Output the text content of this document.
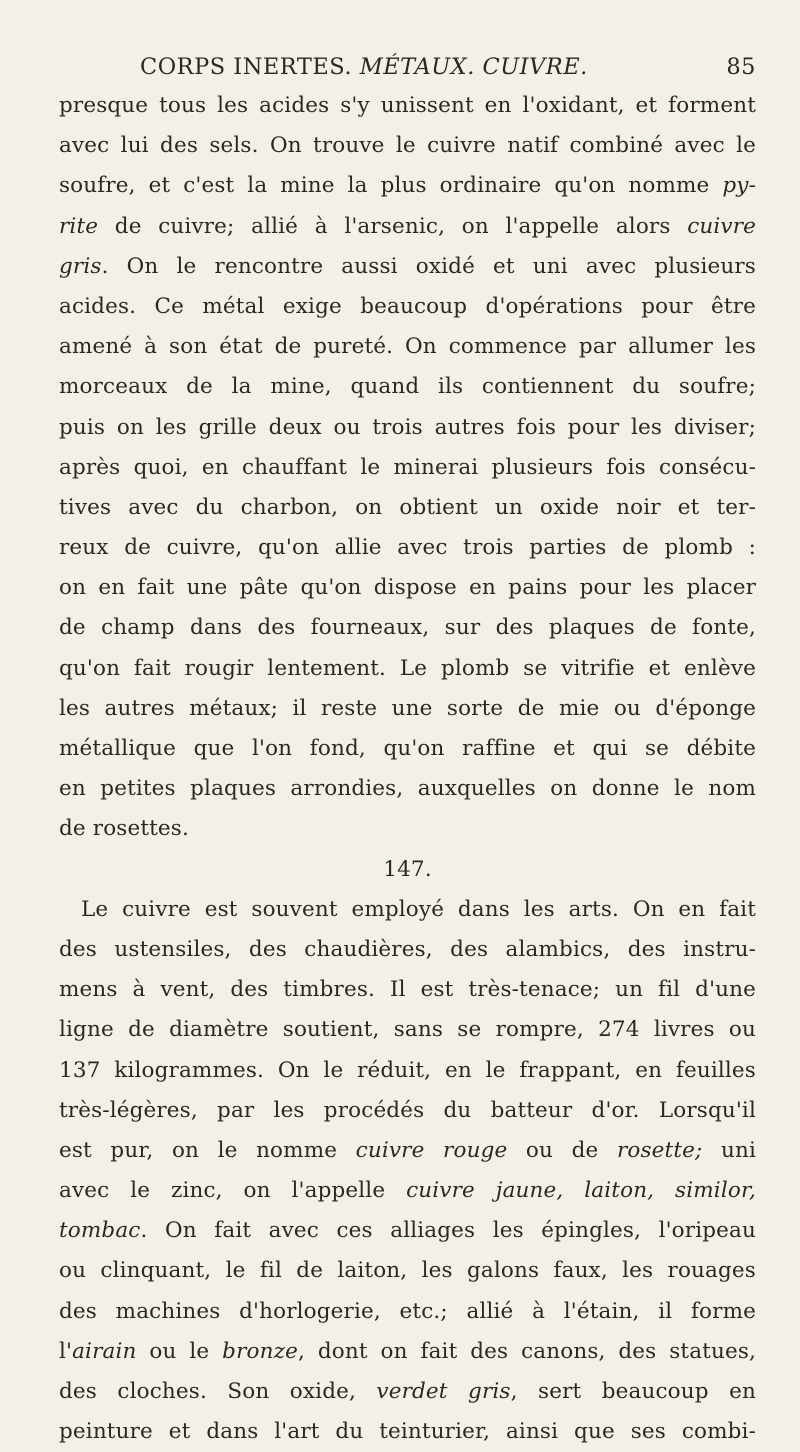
CORPS INERTES. MÉTAUX. CUIVRE.	85
presque tous les acides s'y unissent en l'oxidant, et forment
avec lui des sels. On trouve le cuivre natif combiné avec le
soufre, et c'est la mine la plus ordinaire qu'on nomme py-
rite de cuivre; allié à l'arsenic, on l'appelle alors cuivre
gris. On le rencontre aussi oxidé et uni avec plusieurs
acides. Ce métal exige beaucoup d'opérations pour être
amené à son état de pureté. On commence par allumer les
morceaux de la mine, quand ils contiennent du soufre;
puis on les grille deux ou trois autres fois pour les diviser;
après quoi, en chauffant le minerai plusieurs fois consécu-
tives avec du charbon, on obtient un oxide noir et ter-
reux de cuivre, qu'on allie avec trois parties de plomb :
on en fait une pâte qu'on dispose en pains pour les placer
de champ dans des fourneaux, sur des plaques de fonte,
qu'on fait rougir lentement. Le plomb se vitrifie et enlève
les autres métaux; il reste une sorte de mie ou d'éponge
métallique que l'on fond, qu'on raffine et qui se débite
en petites plaques arrondies, auxquelles on donne le nom
de rosettes.
147.
Le cuivre est souvent employé dans les arts. On en fait
des ustensiles, des chaudières, des alambics, des instru-
mens à vent, des timbres. Il est très-tenace; un fil d'une
ligne de diamètre soutient, sans se rompre, 274 livres ou
137 kilogrammes. On le réduit, en le frappant, en feuilles
très-légères, par les procédés du batteur d'or. Lorsqu'il
est pur, on le nomme cuivre rouge ou de rosette; uni
avec le zinc, on l'appelle cuivre jaune, laiton, similor,
tombac. On fait avec ces alliages les épingles, l'oripeau
ou clinquant, le fil de laiton, les galons faux, les rouages
des machines d'horlogerie, etc.; allié à l'étain, il forme
l'airain ou le bronze, dont on fait des canons, des statues,
des cloches. Son oxide, verdet gris, sert beaucoup en
peinture et dans l'art du teinturier, ainsi que ses combi-
